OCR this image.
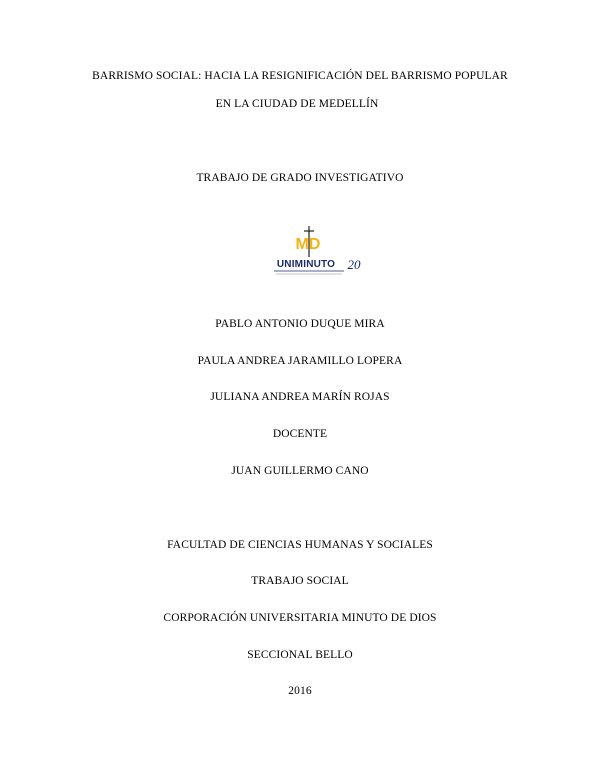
BARRISMO SOCIAL: HACIA LA RESIGNIFICACIÓN DEL BARRISMO POPULAR
EN LA CIUDAD DE MEDELLÍN
TRABAJO DE GRADO INVESTIGATIVO
MD
UNIMINUTO 20
PABLO ANTONIO DUQUE MIRA
PAULA ANDREA JARAMILLO LOPERA
JULIANA ANDREA MARÍN ROJAS
DOCENTE
JUAN GUILLERMO CANO
FACULTAD DE CIENCIAS HUMANAS Y SOCIALES
TRABAJO SOCIAL
CORPORACIÓN UNIVERSITARIA MINUTO DE DIOS
SECCIONAL BELLO
2016
